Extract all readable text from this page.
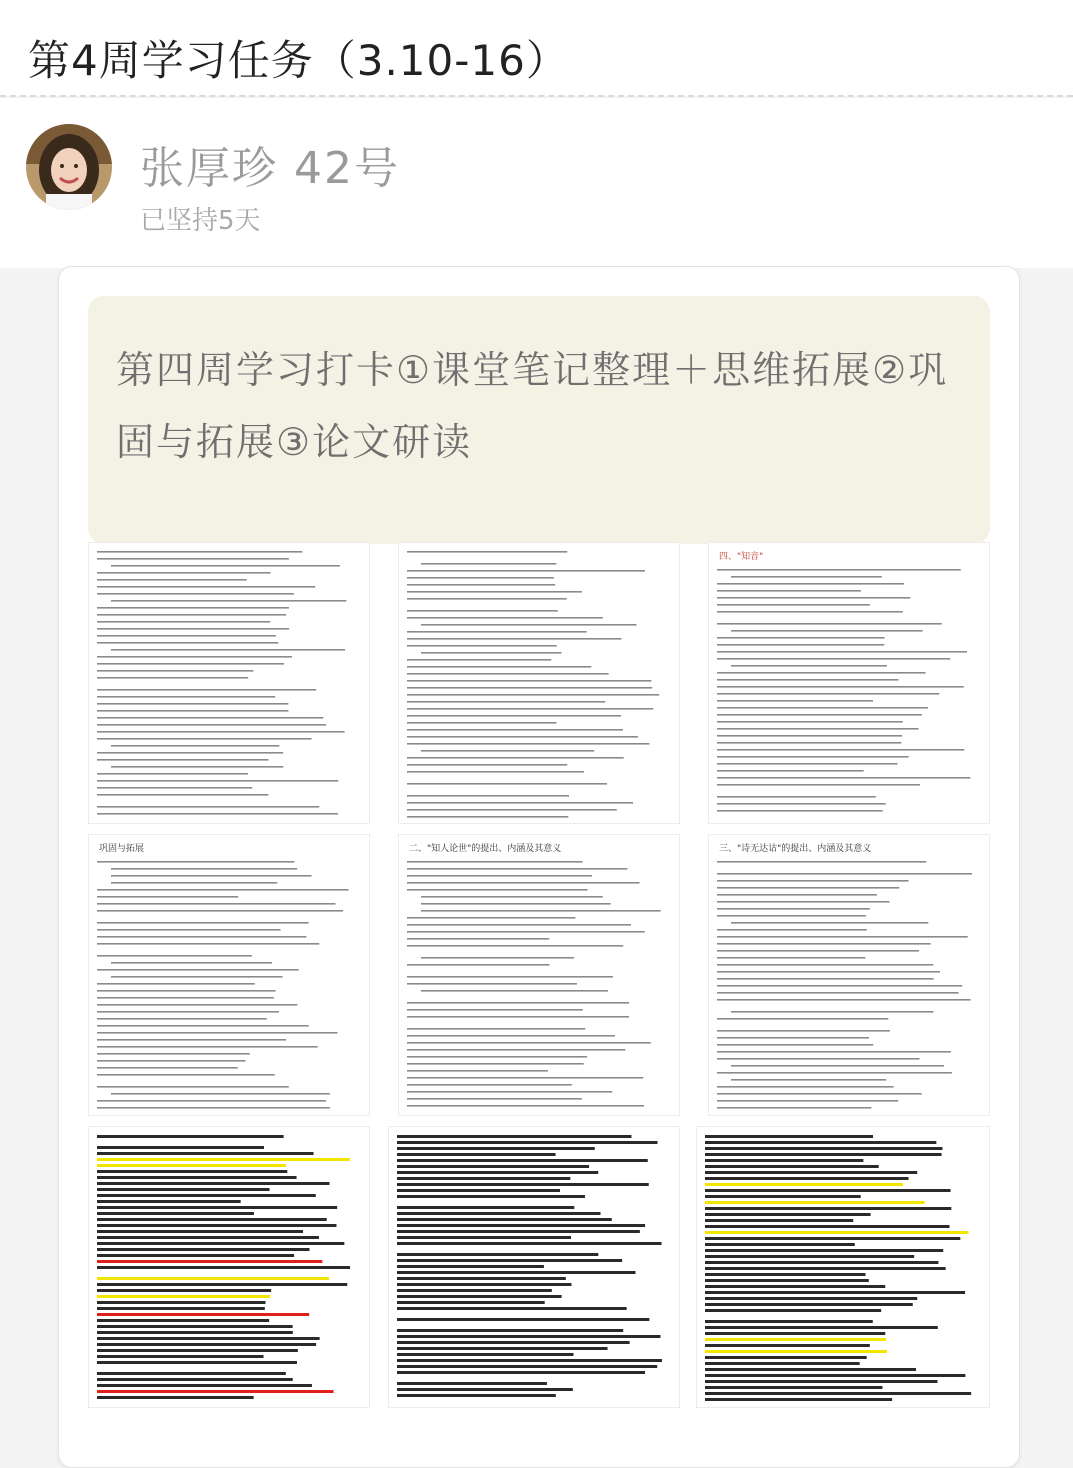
第4周学习任务（3.10-16）
张厚珍 42号
已坚持5天
第四周学习打卡①课堂笔记整理＋思维拓展②巩固与拓展③论文研读
四、"知音"
巩固与拓展	二、"知人论世"的提出、内涵及其意义	三、"诗无达诂"的提出、内涵及其意义
